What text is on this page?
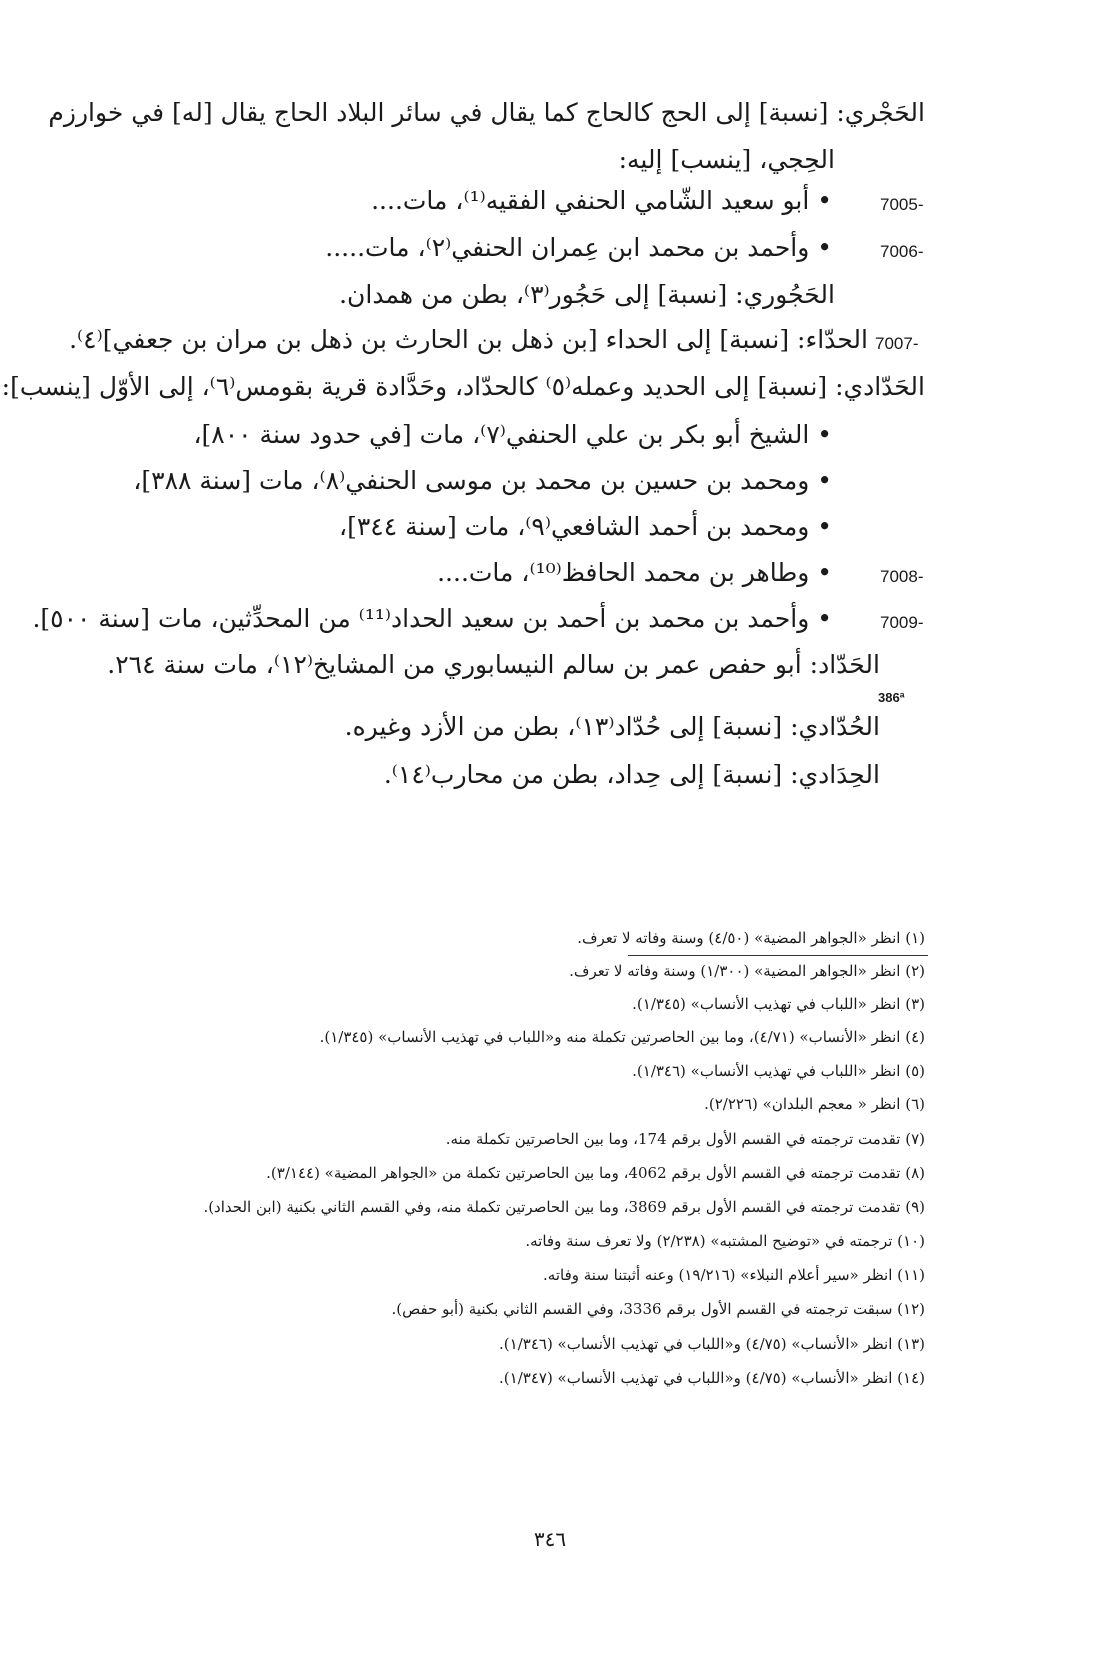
الحَجْري: [نسبة] إلى الحج كالحاج كما يقال في سائر البلاد الحاج يقال [له] في خوارزم
الحِجي، [ينسب] إليه:
7005-
• أبو سعيد الشّامي الحنفي الفقيه⁽¹⁾، مات....
7006-
• وأحمد بن محمد ابن عِمران الحنفي⁽٢⁾، مات.....
الحَجُوري: [نسبة] إلى حَجُور⁽٣⁾، بطن من همدان.
7007-
الحدّاء: [نسبة] إلى الحداء [بن ذهل بن الحارث بن ذهل بن مران بن جعفي]⁽٤⁾.
الحَدّادي: [نسبة] إلى الحديد وعمله⁽٥⁾ كالحدّاد، وحَدَّادة قرية بقومس⁽٦⁾، إلى الأوّل [ينسب]:
• الشيخ أبو بكر بن علي الحنفي⁽٧⁾، مات [في حدود سنة ٨٠٠]،
• ومحمد بن حسين بن محمد بن موسى الحنفي⁽٨⁾، مات [سنة ٣٨٨]،
• ومحمد بن أحمد الشافعي⁽٩⁾، مات [سنة ٣٤٤]،
7008-
• وطاهر بن محمد الحافظ⁽¹⁰⁾، مات....
7009-
• وأحمد بن محمد بن أحمد بن سعيد الحداد⁽¹¹⁾ من المحدِّثين، مات [سنة ٥٠٠].
الحَدّاد: أبو حفص عمر بن سالم النيسابوري من المشايخ⁽١٢⁾، مات سنة ٢٦٤.
386ª
الحُدّادي: [نسبة] إلى حُدّاد⁽١٣⁾، بطن من الأزد وغيره.
الحِدَادي: [نسبة] إلى حِداد، بطن من محارب⁽١٤⁾.
(١) انظر «الجواهر المضية» (٤/٥٠) وسنة وفاته لا تعرف.
(٢) انظر «الجواهر المضية» (١/٣٠٠) وسنة وفاته لا تعرف.
(٣) انظر «اللباب في تهذيب الأنساب» (١/٣٤٥).
(٤) انظر «الأنساب» (٤/٧١)، وما بين الحاصرتين تكملة منه و«اللباب في تهذيب الأنساب» (١/٣٤٥).
(٥) انظر «اللباب في تهذيب الأنساب» (١/٣٤٦).
(٦) انظر « معجم البلدان» (٢/٢٢٦).
(٧) تقدمت ترجمته في القسم الأول برقم 174، وما بين الحاصرتين تكملة منه.
(٨) تقدمت ترجمته في القسم الأول برقم 4062، وما بين الحاصرتين تكملة من «الجواهر المضية» (٣/١٤٤).
(٩) تقدمت ترجمته في القسم الأول برقم 3869، وما بين الحاصرتين تكملة منه، وفي القسم الثاني بكنية (ابن الحداد).
(١٠) ترجمته في «توضيح المشتبه» (٢/٢٣٨) ولا تعرف سنة وفاته.
(١١) انظر «سير أعلام النبلاء» (١٩/٢١٦) وعنه أثبتنا سنة وفاته.
(١٢) سبقت ترجمته في القسم الأول برقم 3336، وفي القسم الثاني بكنية (أبو حفص).
(١٣) انظر «الأنساب» (٤/٧٥) و«اللباب في تهذيب الأنساب» (١/٣٤٦).
(١٤) انظر «الأنساب» (٤/٧٥) و«اللباب في تهذيب الأنساب» (١/٣٤٧).
٣٤٦
